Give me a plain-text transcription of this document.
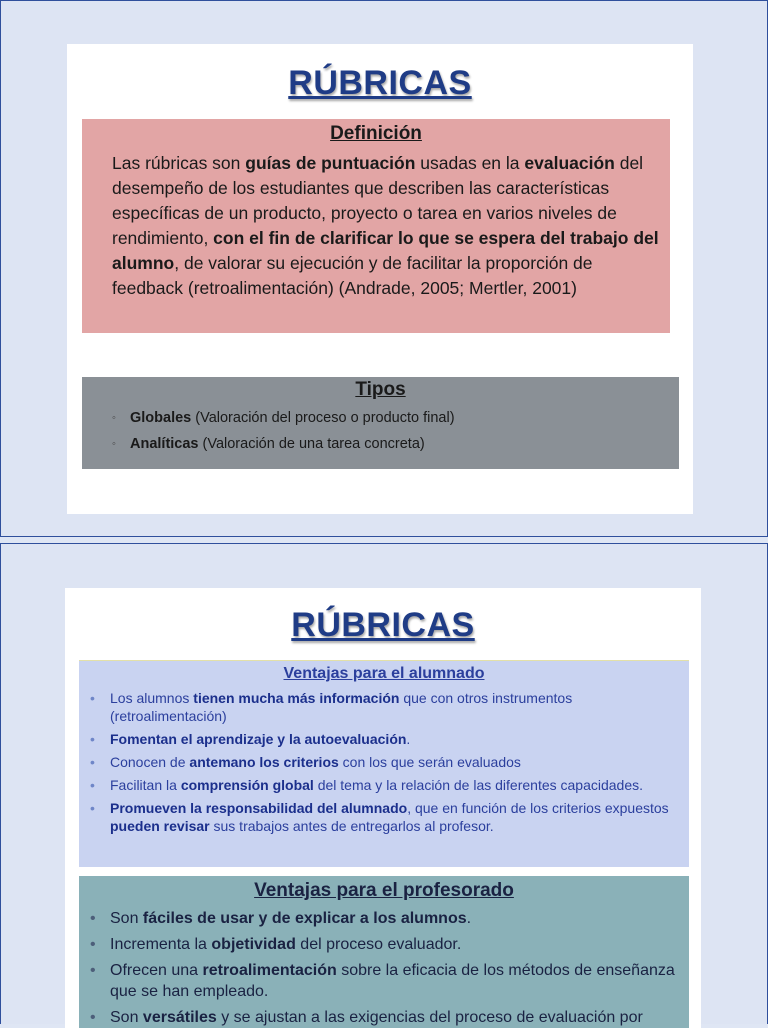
RÚBRICAS
Definición
Las rúbricas son guías de puntuación usadas en la evaluación del desempeño de los estudiantes que describen las características específicas de un producto, proyecto o tarea en varios niveles de rendimiento, con el fin de clarificar lo que se espera del trabajo del alumno, de valorar su ejecución y de facilitar la proporción de feedback (retroalimentación) (Andrade, 2005; Mertler, 2001)
Tipos
◦ Globales (Valoración del proceso o producto final)
◦ Analíticas (Valoración de una tarea concreta)
RÚBRICAS
Ventajas para el alumnado
• Los alumnos tienen mucha más información que con otros instrumentos (retroalimentación)
• Fomentan el aprendizaje y la autoevaluación.
• Conocen de antemano los criterios con los que serán evaluados
• Facilitan la comprensión global del tema y la relación de las diferentes capacidades.
• Promueven la responsabilidad del alumnado, que en función de los criterios expuestos pueden revisar sus trabajos antes de entregarlos al profesor.
Ventajas para el profesorado
• Son fáciles de usar y de explicar a los alumnos.
• Incrementa la objetividad del proceso evaluador.
• Ofrecen una retroalimentación sobre la eficacia de los métodos de enseñanza que se han empleado.
• Son versátiles y se ajustan a las exigencias del proceso de evaluación por
